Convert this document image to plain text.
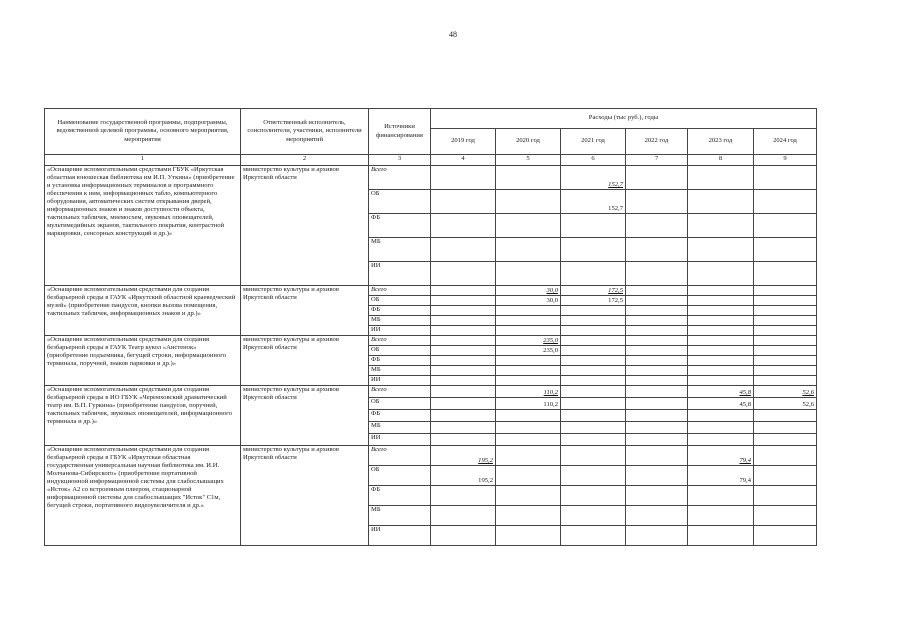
48
Наименование государственной программы, подпрограммы, ведомственной целевой программы, основного мероприятия, мероприятия	Ответственный исполнитель, соисполнители, участники, исполнители мероприятий	Источники финансирования	Расходы (тыс руб.), годы					
			2019 год	2020 год	2021 год	2022 год	2023 год	2024 год
1	2	3	4	5	6	7	8	9
«Оснащение вспомогательными средствами ГБУК «Иркутская областная юношеская библиотека им И.П. Уткина» (приобретение и установка информационных терминалов и программного обеспечения к ним, информационных табло, компьютерного оборудования, автоматических систем открывания дверей, информационных знаков и знаков доступности объекта, тактильных табличек, мнемосхем, звуковых оповещателей, мультимедийных экранов, тактильного покрытия, контрастной маркировки, сенсорных конструкций и др.)»	министерство культуры и архивов Иркутской области	Всего			152,7			
		ОБ			152,7			
		ФБ						
		МБ						
		ИИ						
«Оснащение вспомогательными средствами для создания безбарьерной среды в ГАУК «Иркутский областной краеведческий музей» (приобретение пандусов, кнопки вызова помещения, тактильных табличек, информационных знаков и др.)»	министерство культуры и архивов Иркутской области	Всего		30,0	172,5			
		ОБ		30,0	172,5			
		ФБ						
		МБ						
		ИИ						
«Оснащение вспомогательными средствами для создания безбарьерной среды в ГАУК Театр кукол «Аистенок» (приобретение подъемника, бегущей строки, информационного терминала, поручней, знаков парковки и др.)»	министерство культуры и архивов Иркутской области	Всего		235,0				
		ОБ		235,0				
		ФБ						
		МБ						
		ИИ						
«Оснащение вспомогательными средствами для создания безбарьерной среды в ИО ГБУК «Черемховский драматический театр им. В.П. Гуркина» (приобретение пандусов, поручней, тактильных табличек, звуковых оповещателей, информационного терминала и др.)»	министерство культуры и архивов Иркутской области	Всего		110,2			45,8	52,6
		ОБ		110,2			45,8	52,6
		ФБ						
		МБ						
		ИИ						
«Оснащение вспомогательными средствами для создания безбарьерной среды в ГБУК «Иркутская областная государственная универсальная научная библиотека им. И.И. Молчанова-Сибирского» (приобретение портативной индукционной информационной системы для слабослышащих «Исток» А2 со встроенным плеером, стационарной информационной системы для слабослышащих "Исток" С1м, бегущей строки, портативного видеоувеличителя и др.»	министерство культуры и архивов Иркутской области	Всего	195,2				79,4	
		ОБ	195,2				79,4	
		ФБ						
		МБ						
		ИИ						
